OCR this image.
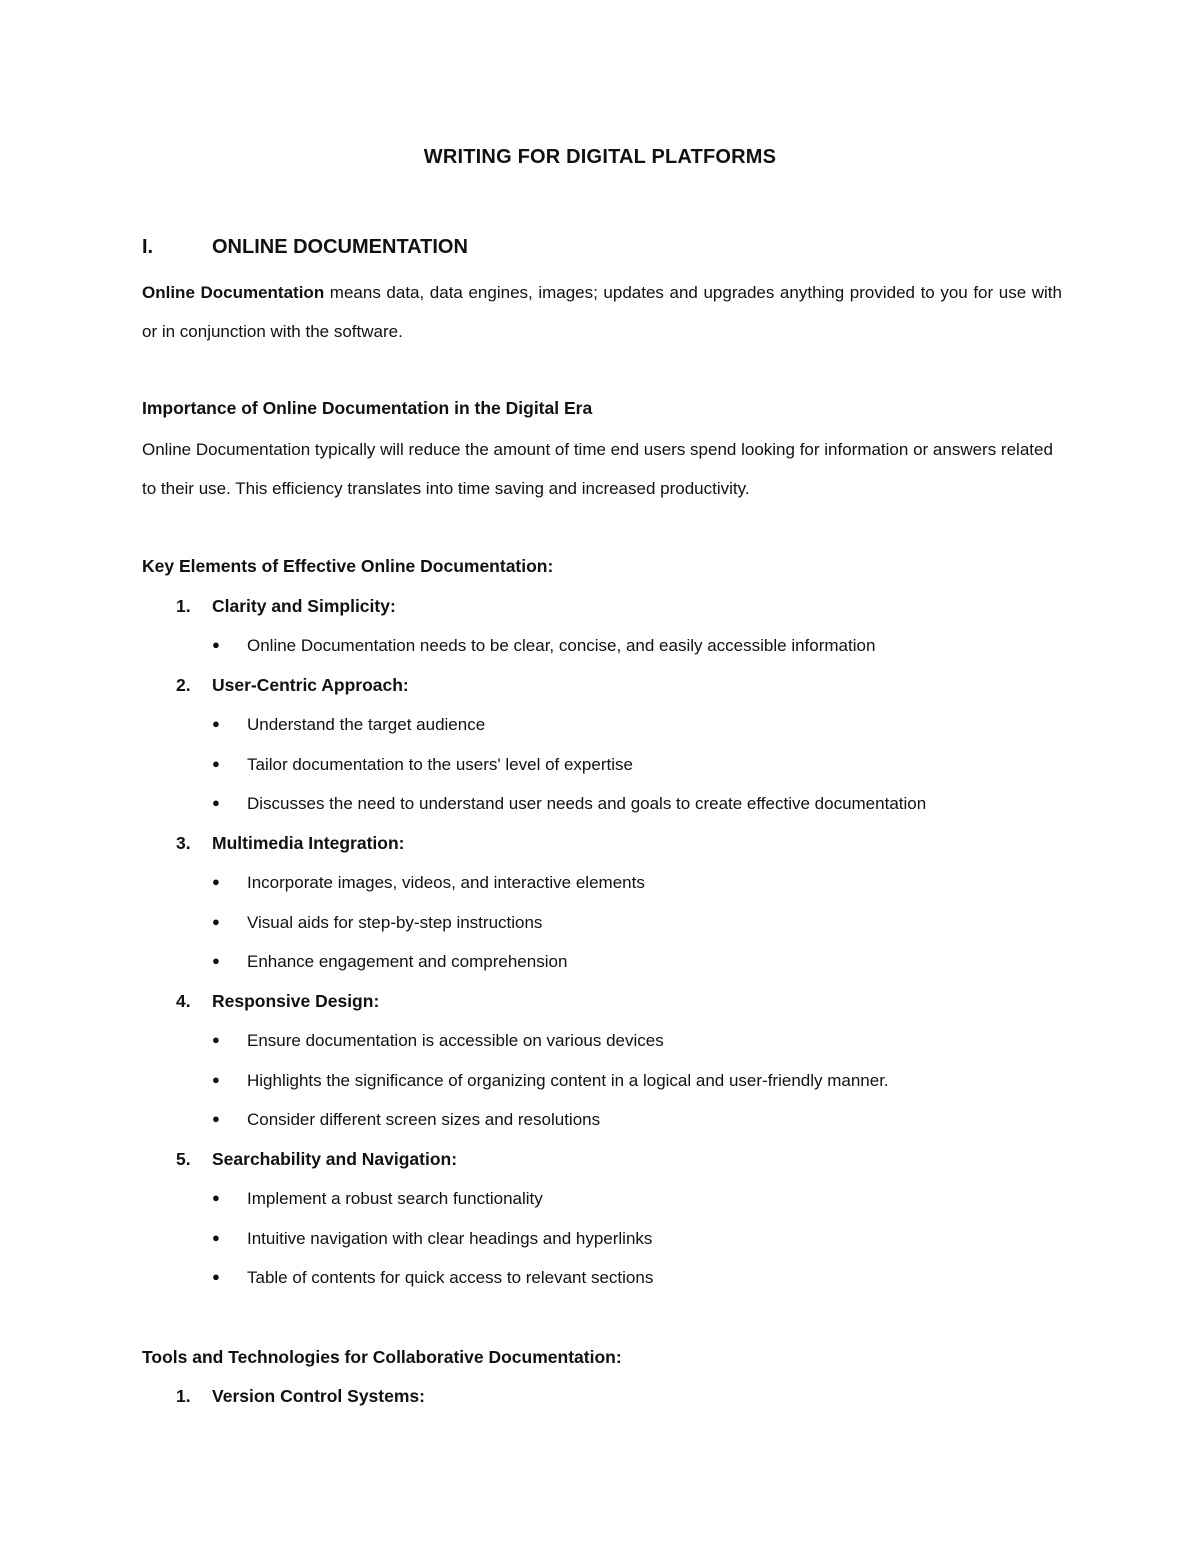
WRITING FOR DIGITAL PLATFORMS
I.	ONLINE DOCUMENTATION
Online Documentation means data, data engines, images; updates and upgrades anything provided to you for use with or in conjunction with the software.
Importance of Online Documentation in the Digital Era
Online Documentation typically will reduce the amount of time end users spend looking for information or answers related to their use. This efficiency translates into time saving and increased productivity.
Key Elements of Effective Online Documentation:
1. Clarity and Simplicity:
● Online Documentation needs to be clear, concise, and easily accessible information
2. User-Centric Approach:
● Understand the target audience
● Tailor documentation to the users' level of expertise
● Discusses the need to understand user needs and goals to create effective documentation
3. Multimedia Integration:
● Incorporate images, videos, and interactive elements
● Visual aids for step-by-step instructions
● Enhance engagement and comprehension
4. Responsive Design:
● Ensure documentation is accessible on various devices
● Highlights the significance of organizing content in a logical and user-friendly manner.
● Consider different screen sizes and resolutions
5. Searchability and Navigation:
● Implement a robust search functionality
● Intuitive navigation with clear headings and hyperlinks
● Table of contents for quick access to relevant sections
Tools and Technologies for Collaborative Documentation:
1. Version Control Systems:
